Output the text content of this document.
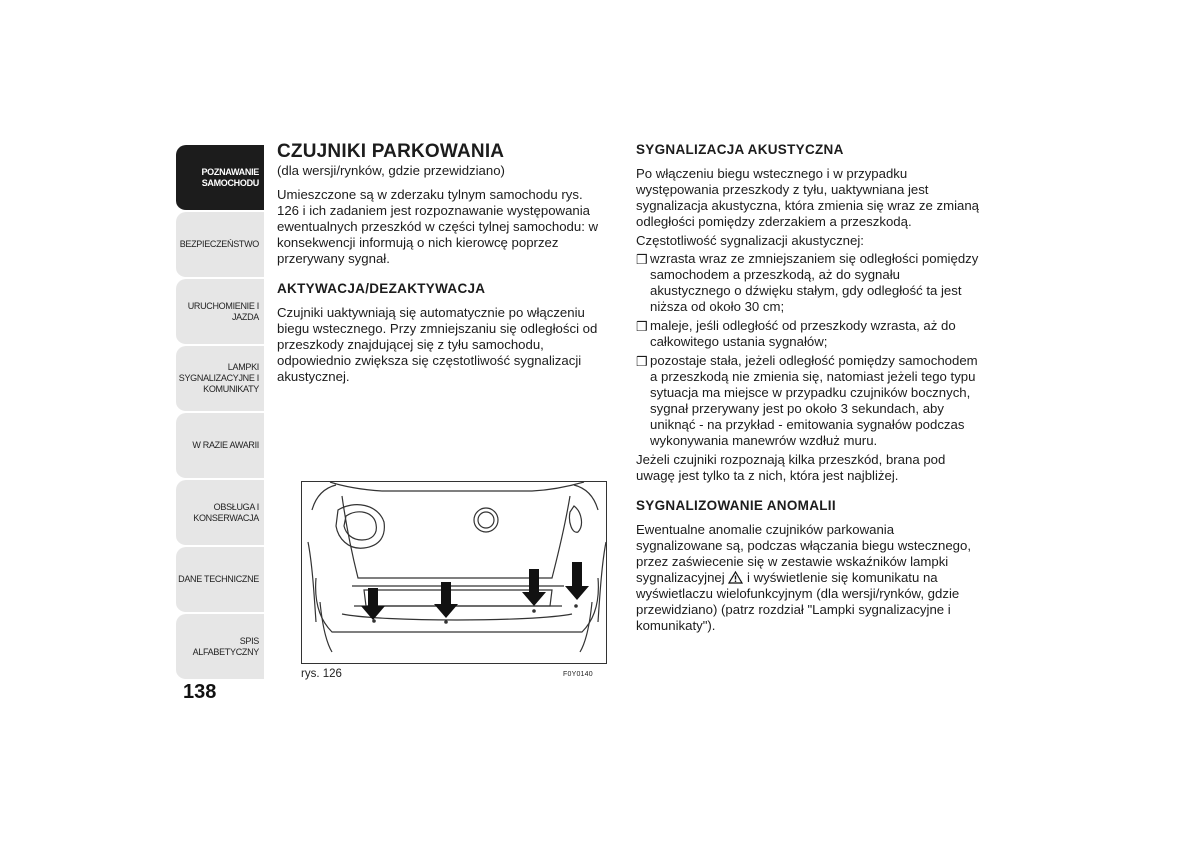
POZNAWANIE
SAMOCHODU
BEZPIECZEŃSTWO
URUCHOMIENIE I
JAZDA
LAMPKI
SYGNALIZACYJNE I
KOMUNIKATY
W RAZIE AWARII
OBSŁUGA I
KONSERWACJA
DANE TECHNICZNE
SPIS ALFABETYCZNY
138

CZUJNIKI PARKOWANIA

(dla wersji/rynków, gdzie przewidziano)

Umieszczone są w zderzaku tylnym samochodu rys. 126 i ich zadaniem jest rozpoznawanie występowania ewentualnych przeszkód w części tylnej samochodu: w konsekwencji informują o nich kierowcę poprzez przerywany sygnał.

AKTYWACJA/DEZAKTYWACJA

Czujniki uaktywniają się automatycznie po włączeniu biegu wstecznego. Przy zmniejszaniu się odległości od przeszkody znajdującej się z tyłu samochodu, odpowiednio zwiększa się częstotliwość sygnalizacji akustycznej.

rys. 126	F0Y0140

SYGNALIZACJA AKUSTYCZNA

Po włączeniu biegu wstecznego i w przypadku występowania przeszkody z tyłu, uaktywniana jest sygnalizacja akustyczna, która zmienia się wraz ze zmianą odległości pomiędzy zderzakiem a przeszkodą.

Częstotliwość sygnalizacji akustycznej:

❒ wzrasta wraz ze zmniejszaniem się odległości pomiędzy samochodem a przeszkodą, aż do sygnału akustycznego o dźwięku stałym, gdy odległość ta jest niższa od około 30 cm;
❒ maleje, jeśli odległość od przeszkody wzrasta, aż do całkowitego ustania sygnałów;
❒ pozostaje stała, jeżeli odległość pomiędzy samochodem a przeszkodą nie zmienia się, natomiast jeżeli tego typu sytuacja ma miejsce w przypadku czujników bocznych, sygnał przerywany jest po około 3 sekundach, aby uniknąć - na przykład - emitowania sygnałów podczas wykonywania manewrów wzdłuż muru.

Jeżeli czujniki rozpoznają kilka przeszkód, brana pod uwagę jest tylko ta z nich, która jest najbliżej.

SYGNALIZOWANIE ANOMALII

Ewentualne anomalie czujników parkowania sygnalizowane są, podczas włączania biegu wstecznego, przez zaświecenie się w zestawie wskaźników lampki sygnalizacyjnej i wyświetlenie się komunikatu na wyświetlaczu wielofunkcyjnym (dla wersji/rynków, gdzie przewidziano) (patrz rozdział "Lampki sygnalizacyjne i komunikaty").
